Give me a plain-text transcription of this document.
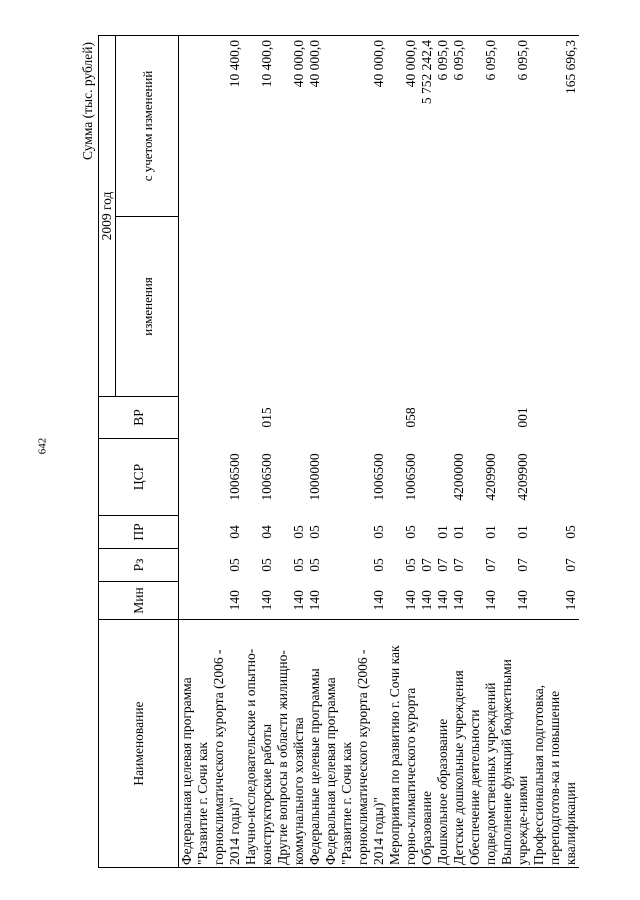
642
Сумма (тыс. рублей)
Наименование	Мин	Рз	ПР	ЦСР	ВР	2009 год	
						изменения	с учетом изменений
Федеральная целевая программа "Развитие г. Сочи как горноклиматического курорта (2006 - 2014 годы)"	140	05	04	1006500			10 400,0
Научно-исследовательские и опытно-конструкторские работы	140	05	04	1006500	015		10 400,0
Другие вопросы в области жилищно-коммунального хозяйства	140	05	05				40 000,0
Федеральные целевые программы	140	05	05	1000000			40 000,0
Федеральная целевая программа "Развитие г. Сочи как горноклиматического курорта (2006 - 2014 годы)"	140	05	05	1006500			40 000,0
Мероприятия по развитию г. Сочи как горно-климатического курорта	140	05	05	1006500	058		40 000,0
Образование	140	07					5 752 242,4
Дошкольное образование	140	07	01				6 095,0
Детские дошкольные учреждения	140	07	01	4200000			6 095,0
Обеспечение деятельности подведомственных учреждений	140	07	01	4209900			6 095,0
Выполнение функций бюджетными учрежде-ниями	140	07	01	4209900	001		6 095,0
Профессиональная подготовка, переподготов-ка и повышение квалификации	140	07	05				165 696,3
